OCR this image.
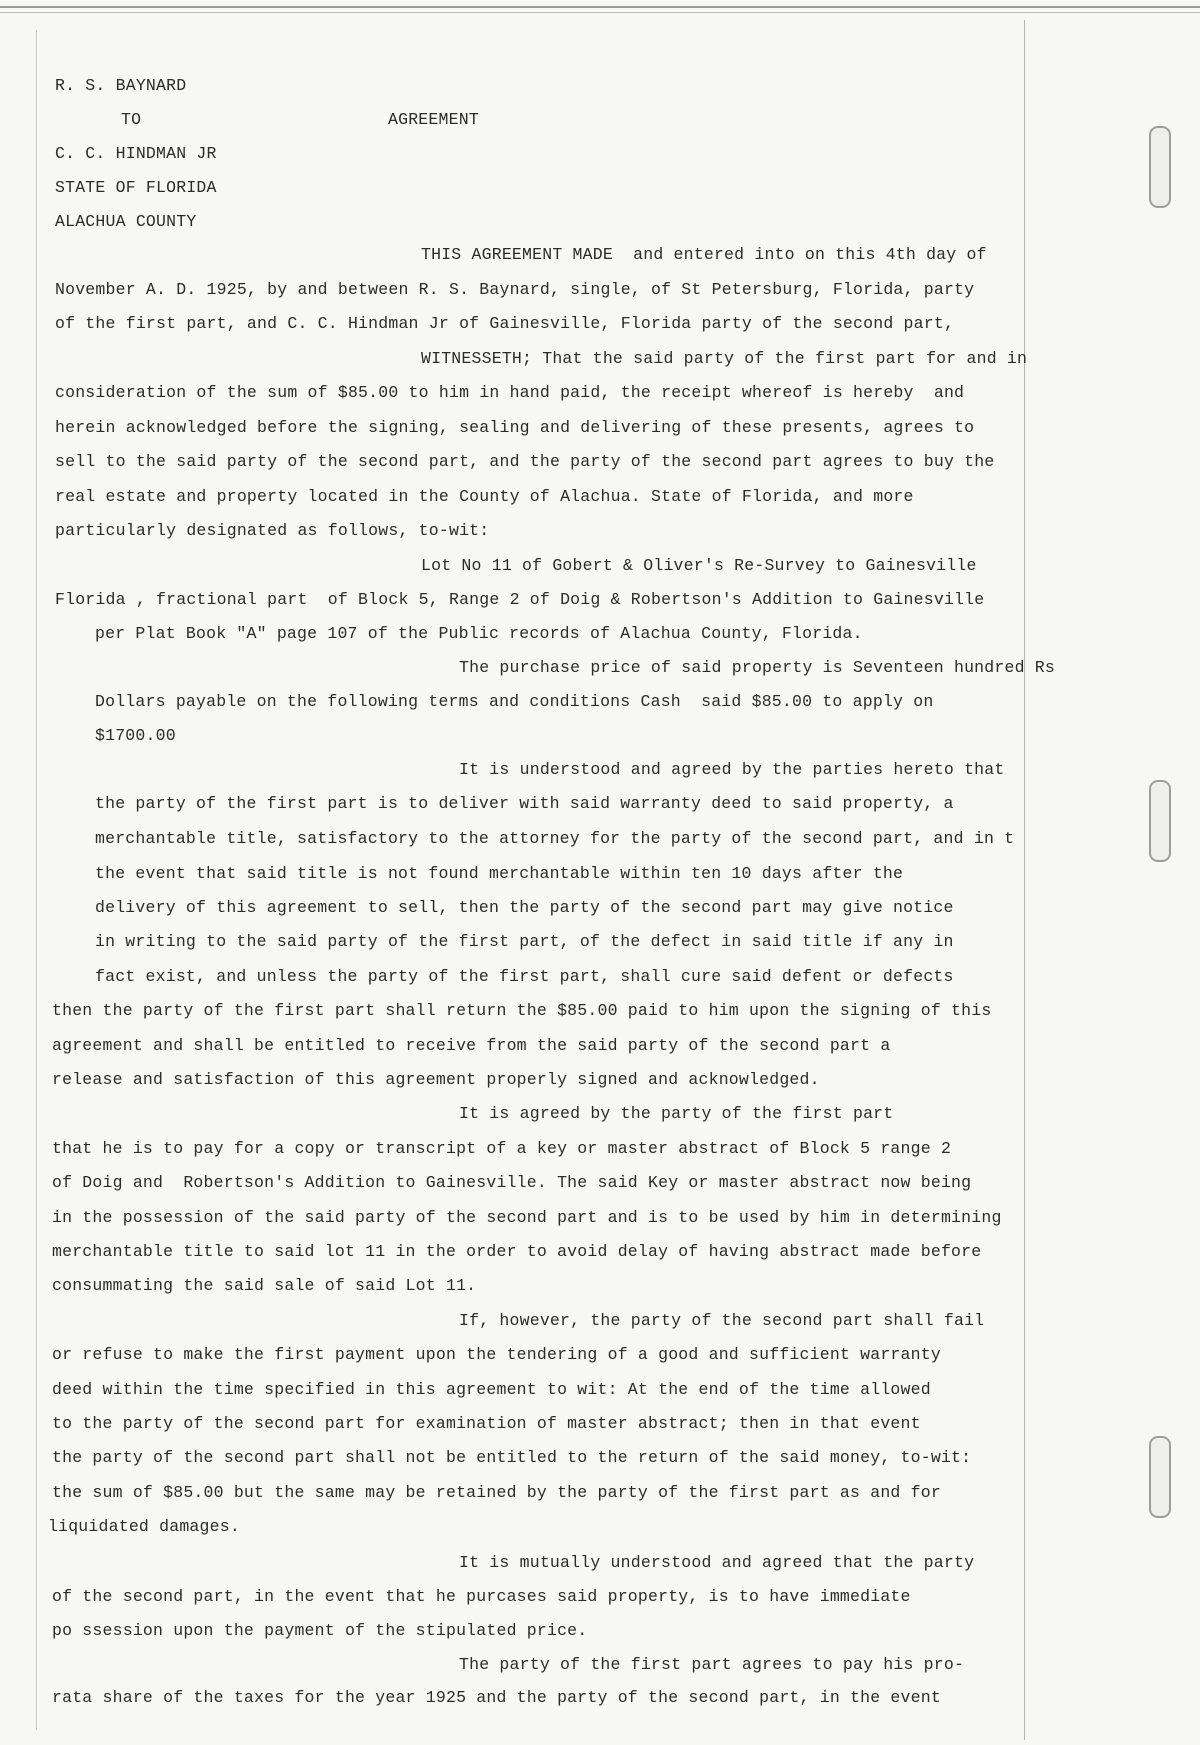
R. S. BAYNARD
TO	AGREEMENT
C. C. HINDMAN JR
STATE OF FLORIDA
ALACHUA COUNTY
THIS AGREEMENT MADE  and entered into on this 4th day of
November A. D. 1925, by and between R. S. Baynard, single, of St Petersburg, Florida, party
of the first part, and C. C. Hindman Jr of Gainesville, Florida party of the second part,
WITNESSETH; That the said party of the first part for and in
consideration of the sum of $85.00 to him in hand paid, the receipt whereof is hereby  and
herein acknowledged before the signing, sealing and delivering of these presents, agrees to
sell to the said party of the second part, and the party of the second part agrees to buy the
real estate and property located in the County of Alachua. State of Florida, and more
particularly designated as follows, to-wit:
Lot No 11 of Gobert & Oliver's Re-Survey to Gainesville
Florida , fractional part  of Block 5, Range 2 of Doig & Robertson's Addition to Gainesville
per Plat Book "A" page 107 of the Public records of Alachua County, Florida.
The purchase price of said property is Seventeen hundred Rs
Dollars payable on the following terms and conditions Cash  said $85.00 to apply on
$1700.00
It is understood and agreed by the parties hereto that
the party of the first part is to deliver with said warranty deed to said property, a
merchantable title, satisfactory to the attorney for the party of the second part, and in t
the event that said title is not found merchantable within ten 10 days after the
delivery of this agreement to sell, then the party of the second part may give notice
in writing to the said party of the first part, of the defect in said title if any in
fact exist, and unless the party of the first part, shall cure said defent or defects
then the party of the first part shall return the $85.00 paid to him upon the signing of this
agreement and shall be entitled to receive from the said party of the second part a
release and satisfaction of this agreement properly signed and acknowledged.
It is agreed by the party of the first part
that he is to pay for a copy or transcript of a key or master abstract of Block 5 range 2
of Doig and  Robertson's Addition to Gainesville. The said Key or master abstract now being
in the possession of the said party of the second part and is to be used by him in determining
merchantable title to said lot 11 in the order to avoid delay of having abstract made before
consummating the said sale of said Lot 11.
If, however, the party of the second part shall fail
or refuse to make the first payment upon the tendering of a good and sufficient warranty
deed within the time specified in this agreement to wit: At the end of the time allowed
to the party of the second part for examination of master abstract; then in that event
the party of the second part shall not be entitled to the return of the said money, to-wit:
the sum of $85.00 but the same may be retained by the party of the first part as and for
liquidated damages.
It is mutually understood and agreed that the party
of the second part, in the event that he purcases said property, is to have immediate
po ssession upon the payment of the stipulated price.
The party of the first part agrees to pay his pro-
rata share of the taxes for the year 1925 and the party of the second part, in the event
